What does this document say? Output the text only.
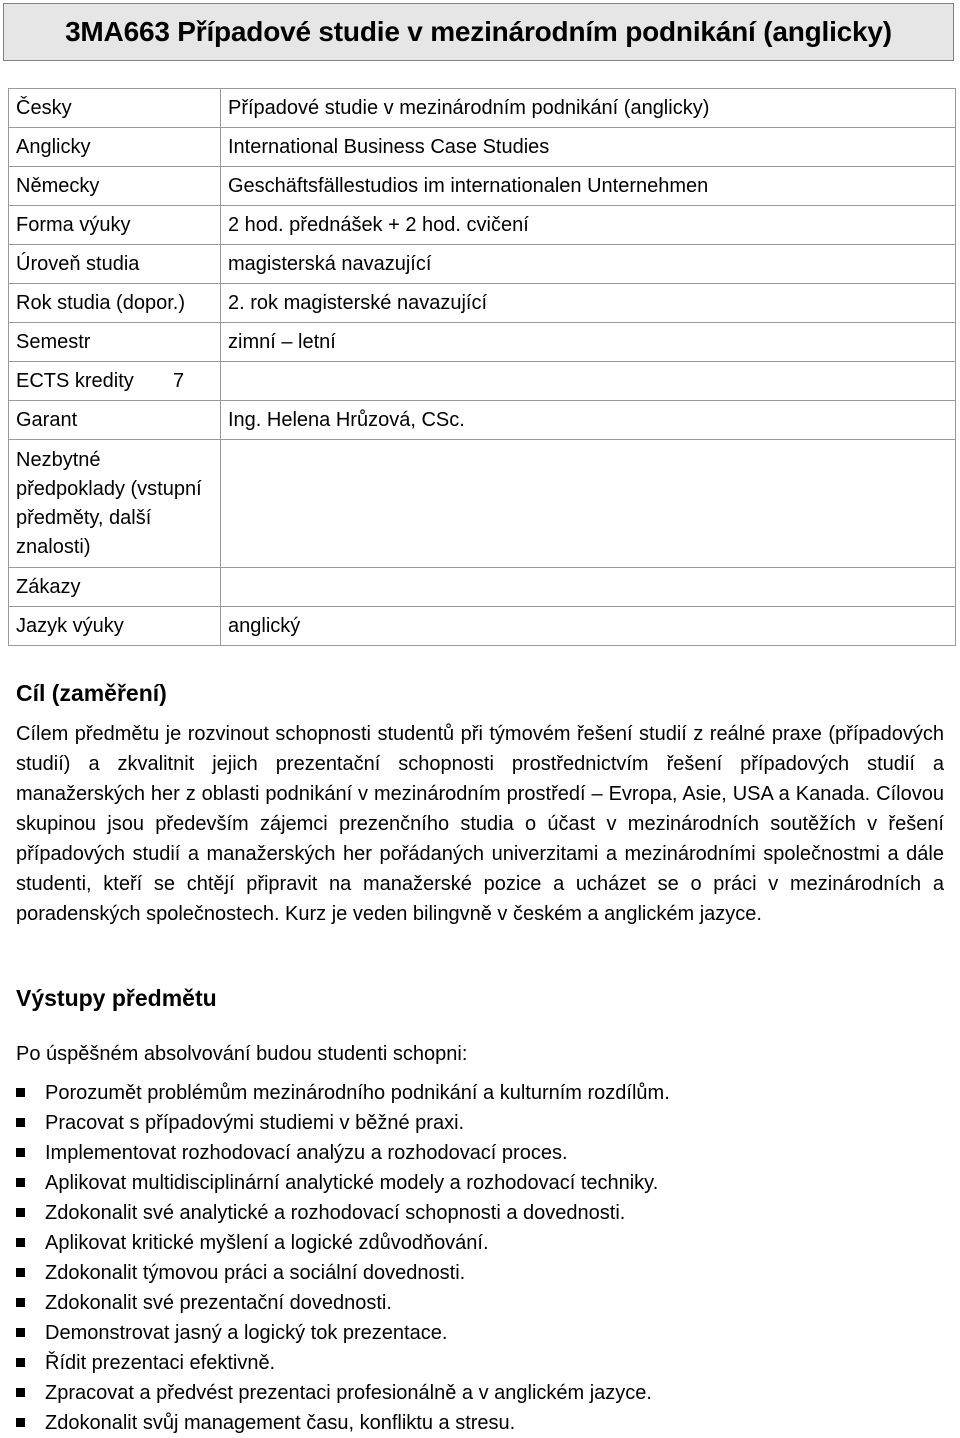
3MA663 Případové studie v mezinárodním podnikání (anglicky)
Česky	Případové studie v mezinárodním podnikání (anglicky)
Anglicky	International Business Case Studies
Německy	Geschäftsfällestudios im internationalen Unternehmen
Forma výuky	2 hod. přednášek + 2 hod. cvičení
Úroveň studia	magisterská navazující
Rok studia (dopor.)	2. rok magisterské navazující
Semestr	zimní – letní
ECTS kredity 7	
Garant	Ing. Helena Hrůzová, CSc.
Nezbytné předpoklady (vstupní předměty, další znalosti)	
Zákazy	
Jazyk výuky	anglický
Cíl (zaměření)

Cílem předmětu je rozvinout schopnosti studentů při týmovém řešení studií z reálné praxe (případových studií) a zkvalitnit jejich prezentační schopnosti prostřednictvím řešení případových studií a manažerských her z oblasti podnikání v mezinárodním prostředí – Evropa, Asie, USA a Kanada. Cílovou skupinou jsou především zájemci prezenčního studia o účast v mezinárodních soutěžích v řešení případových studií a manažerských her pořádaných univerzitami a mezinárodními společnostmi a dále studenti, kteří se chtějí připravit na manažerské pozice a ucházet se o práci v mezinárodních a poradenských společnostech. Kurz je veden bilingvně v českém a anglickém jazyce.

Výstupy předmětu

Po úspěšném absolvování budou studenti schopni:

Porozumět problémům mezinárodního podnikání a kulturním rozdílům.
Pracovat s případovými studiemi v běžné praxi.
Implementovat rozhodovací analýzu a rozhodovací proces.
Aplikovat multidisciplinární analytické modely a rozhodovací techniky.
Zdokonalit své analytické a rozhodovací schopnosti a dovednosti.
Aplikovat kritické myšlení a logické zdůvodňování.
Zdokonalit týmovou práci a sociální dovednosti.
Zdokonalit své prezentační dovednosti.
Demonstrovat jasný a logický tok prezentace.
Řídit prezentaci efektivně.
Zpracovat a předvést prezentaci profesionálně a v anglickém jazyce.
Zdokonalit svůj management času, konfliktu a stresu.
